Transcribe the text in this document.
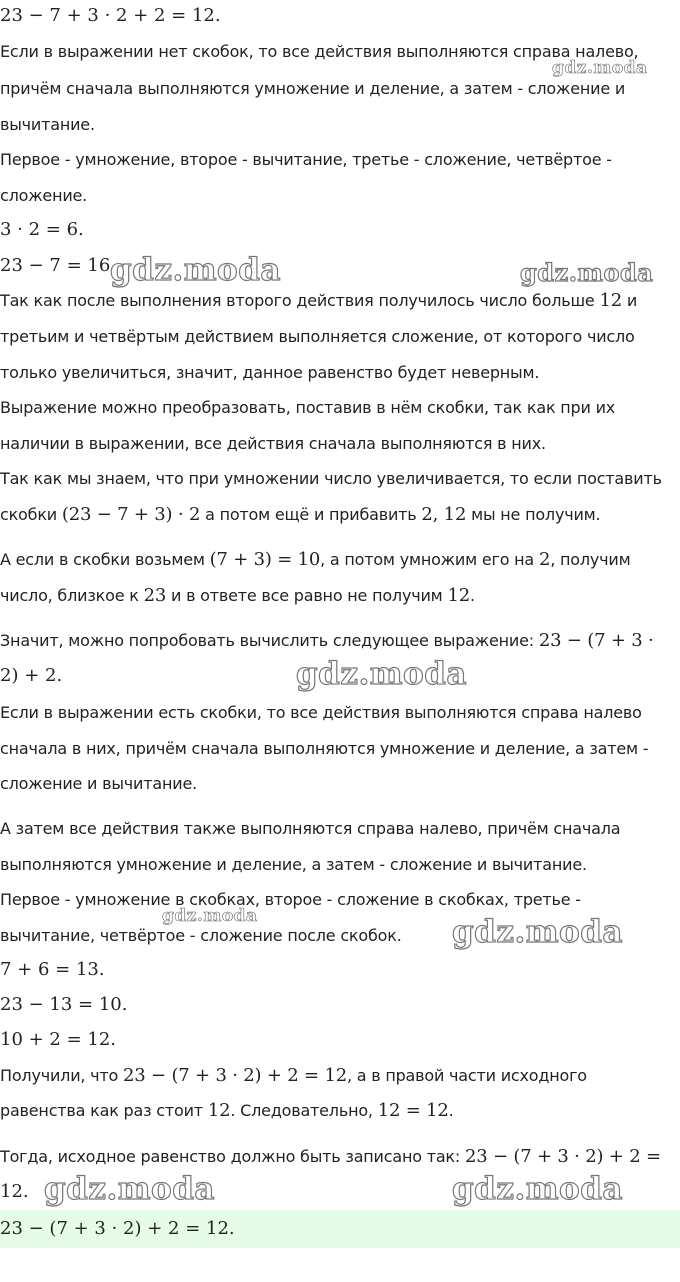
23 − 7 + 3 · 2 + 2 = 12.
Если в выражении нет скобок, то все действия выполняются справа налево,
причём сначала выполняются умножение и деление, а затем - сложение и
вычитание.
Первое - умножение, второе - вычитание, третье - сложение, четвёртое -
сложение.
3 · 2 = 6.
23 − 7 = 16
Так как после выполнения второго действия получилось число больше 12 и
третьим и четвёртым действием выполняется сложение, от которого число
только увеличиться, значит, данное равенство будет неверным.
Выражение можно преобразовать, поставив в нём скобки, так как при их
наличии в выражении, все действия сначала выполняются в них.
Так как мы знаем, что при умножении число увеличивается, то если поставить
скобки (23 − 7 + 3) · 2 а потом ещё и прибавить 2, 12 мы не получим.
А если в скобки возьмем (7 + 3) = 10, а потом умножим его на 2, получим
число, близкое к 23 и в ответе все равно не получим 12.
Значит, можно попробовать вычислить следующее выражение: 23 − (7 + 3 ·
2) + 2.
Если в выражении есть скобки, то все действия выполняются справа налево
сначала в них, причём сначала выполняются умножение и деление, а затем -
сложение и вычитание.
А затем все действия также выполняются справа налево, причём сначала
выполняются умножение и деление, а затем - сложение и вычитание.
Первое - умножение в скобках, второе - сложение в скобках, третье -
вычитание, четвёртое - сложение после скобок.
7 + 6 = 13.
23 − 13 = 10.
10 + 2 = 12.
Получили, что 23 − (7 + 3 · 2) + 2 = 12, а в правой части исходного
равенства как раз стоит 12. Следовательно, 12 = 12.
Тогда, исходное равенство должно быть записано так: 23 − (7 + 3 · 2) + 2 =
12.
23 − (7 + 3 · 2) + 2 = 12.
gdz.moda
gdz.moda	gdz.moda
gdz.moda
gdz.moda	gdz.moda
gdz.moda	gdz.moda
